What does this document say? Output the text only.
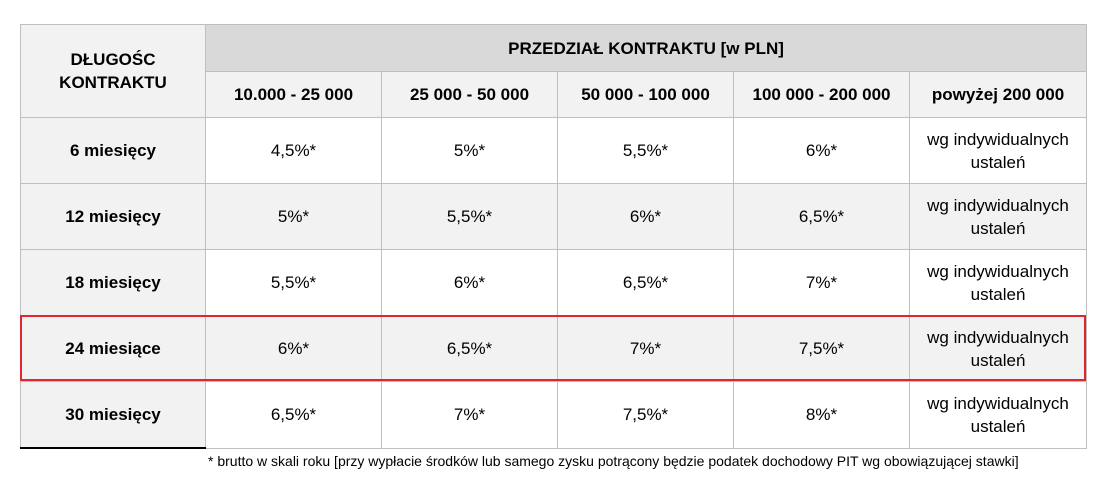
DŁUGOŚC KONTRAKTU	PRZEDZIAŁ KONTRAKTU [w PLN]				
	10.000 - 25 000	25 000 - 50 000	50 000 - 100 000	100 000 - 200 000	powyżej 200 000
6 miesięcy	4,5%*	5%*	5,5%*	6%*	wg indywidualnych ustaleń
12 miesięcy	5%*	5,5%*	6%*	6,5%*	wg indywidualnych ustaleń
18 miesięcy	5,5%*	6%*	6,5%*	7%*	wg indywidualnych ustaleń
24 miesiące	6%*	6,5%*	7%*	7,5%*	wg indywidualnych ustaleń
30 miesięcy	6,5%*	7%*	7,5%*	8%*	wg indywidualnych ustaleń
* brutto w skali roku [przy wypłacie środków lub samego zysku potrącony będzie podatek dochodowy PIT wg obowiązującej stawki]
